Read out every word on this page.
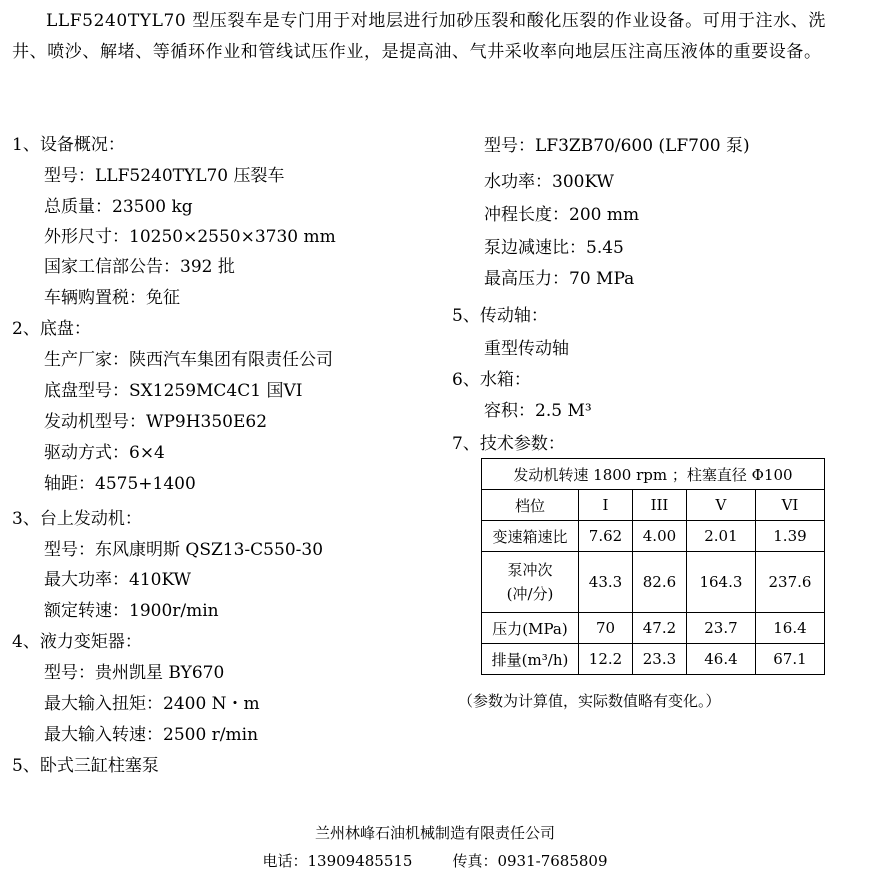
LLF5240TYL70 型压裂车是专门用于对地层进行加砂压裂和酸化压裂的作业设备。可用于注水、洗井、喷沙、解堵、等循环作业和管线试压作业，是提高油、气井采收率向地层压注高压液体的重要设备。
1、设备概况：
型号：LLF5240TYL70 压裂车
总质量：23500 kg
外形尺寸：10250×2550×3730 mm
国家工信部公告：392 批
车辆购置税：免征
2、底盘：
生产厂家：陕西汽车集团有限责任公司
底盘型号：SX1259MC4C1 国VI
发动机型号：WP9H350E62
驱动方式：6×4
轴距：4575+1400
3、台上发动机：
型号：东风康明斯 QSZ13-C550-30
最大功率：410KW
额定转速：1900r/min
4、液力变矩器：
型号：贵州凯星 BY670
最大输入扭矩：2400 N・m
最大输入转速：2500 r/min
5、卧式三缸柱塞泵
型号：LF3ZB70/600 (LF700 泵)
水功率：300KW
冲程长度：200 mm
泵边减速比：5.45
最高压力：70 MPa
5、传动轴：
重型传动轴
6、水箱：
容积：2.5 M³
7、技术参数：
发动机转速 1800 rpm ；柱塞直径 Φ100				
档位	I	III	V	VI
变速箱速比	7.62	4.00	2.01	1.39
泵冲次
(冲/分)	43.3	82.6	164.3	237.6
压力(MPa)	70	47.2	23.7	16.4
排量(m³/h)	12.2	23.3	46.4	67.1
（参数为计算值，实际数值略有变化。）
兰州林峰石油机械制造有限责任公司
电话：13909485515	传真：0931-7685809
